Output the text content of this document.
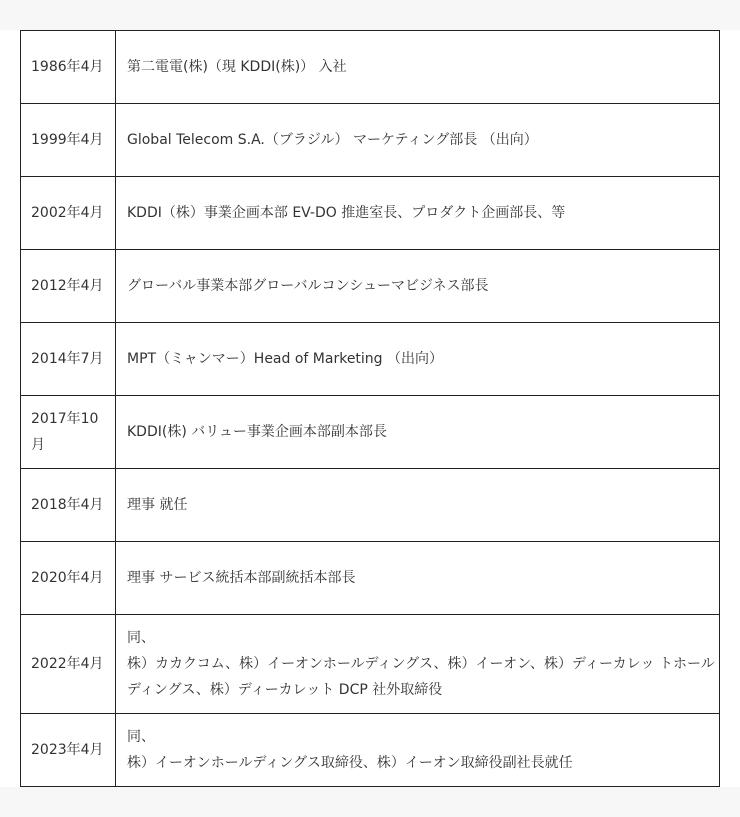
1986年4月	第二電電(株)（現 KDDI(株)） 入社

1999年4月	Global Telecom S.A.（ブラジル） マーケティング部長 （出向）

2002年4月	KDDI（株）事業企画本部 EV-DO 推進室長、プロダクト企画部長、等

2012年4月	グローバル事業本部グローバルコンシューマビジネス部長

2014年7月	MPT（ミャンマー）Head of Marketing （出向）

2017年10月	KDDI(株) バリュー事業企画本部副本部長

2018年4月	理事 就任

2020年4月	理事 サービス統括本部副統括本部長

2022年4月	同、
株）カカクコム、株）イーオンホールディングス、株）イーオン、株）ディーカレッ トホールディングス、株）ディーカレット DCP 社外取締役

2023年4月	同、
株）イーオンホールディングス取締役、株）イーオン取締役副社長就任
